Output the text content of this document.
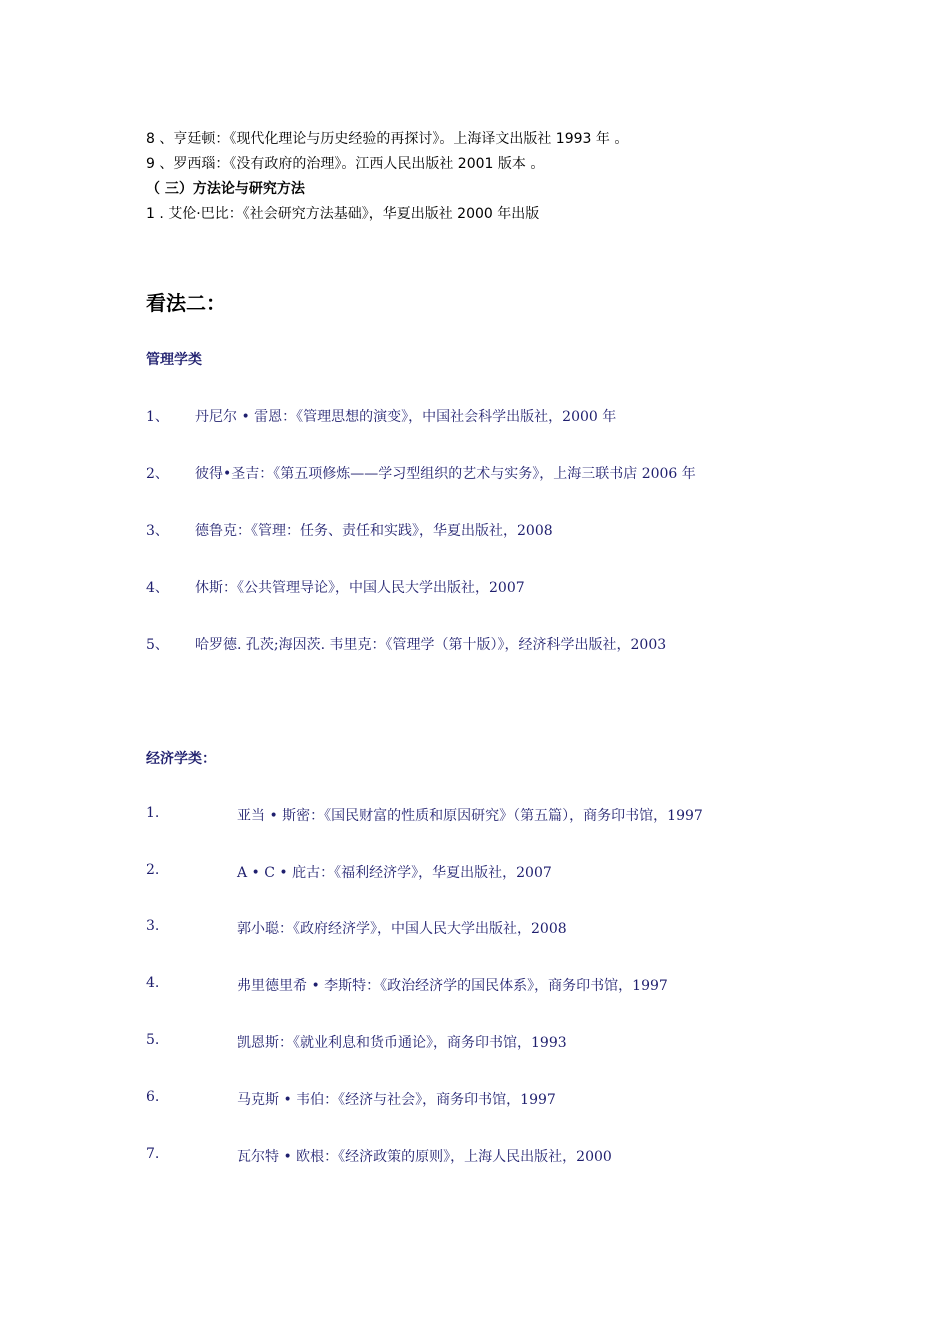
8 、亨廷顿：《现代化理论与历史经验的再探讨》。上海译文出版社 1993 年 。
9 、罗西瑙：《没有政府的治理》。江西人民出版社 2001 版本 。
（ 三）方法论与研究方法
1 . 艾伦·巴比：《社会研究方法基础》，华夏出版社 2000 年出版
看法二：
管理学类
1、 丹尼尔 • 雷恩：《管理思想的演变》，中国社会科学出版社，2000 年
2、 彼得•圣吉：《第五项修炼——学习型组织的艺术与实务》，上海三联书店 2006 年
3、 德鲁克：《管理：任务、责任和实践》，华夏出版社，2008
4、 休斯：《公共管理导论》，中国人民大学出版社，2007
5、 哈罗德. 孔茨;海因茨. 韦里克：《管理学（第十版）》，经济科学出版社，2003
经济学类：
1.	亚当 • 斯密：《国民财富的性质和原因研究》（第五篇），商务印书馆，1997
2.	A • C • 庇古：《福利经济学》，华夏出版社，2007
3.	郭小聪：《政府经济学》，中国人民大学出版社，2008
4.	弗里德里希 • 李斯特：《政治经济学的国民体系》，商务印书馆，1997
5.	凯恩斯：《就业利息和货币通论》，商务印书馆，1993
6.	马克斯 • 韦伯：《经济与社会》，商务印书馆，1997
7.	瓦尔特 • 欧根：《经济政策的原则》，上海人民出版社，2000
